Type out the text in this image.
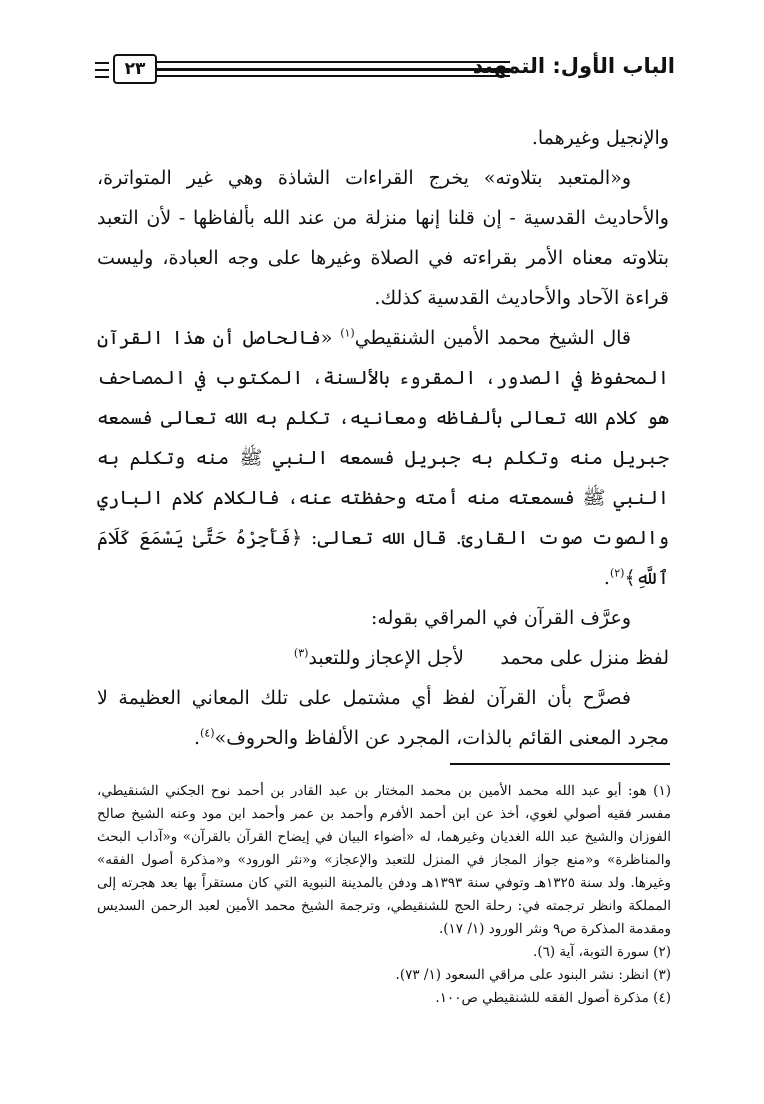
٢٣	الباب الأول: التمهيد

والإنجيل وغيرهما.

و«المتعبد بتلاوته» يخرج القراءات الشاذة وهي غير المتواترة، والأحاديث القدسية - إن قلنا إنها منزلة من عند الله بألفاظها - لأن التعبد بتلاوته معناه الأمر بقراءته في الصلاة وغيرها على وجه العبادة، وليست قراءة الآحاد والأحاديث القدسية كذلك.

قال الشيخ محمد الأمين الشنقيطي$^{(١)}$ «فالحاصل أن هذا القرآن المحفوظ في الصدور، المقروء بالألسنة، المكتوب في المصاحف هو كلام الله تعالى بألفاظه ومعانيه، تكلم به الله تعالى فسمعه جبريل منه وتكلم به جبريل فسمعه النبي ﷺ منه وتكلم به النبي ﷺ فسمعته منه أمته وحفظته عنه، فالكلام كلام الباري والصوت صوت القارئ. قال الله تعالى: ﴿فَأَجِرْهُ حَتَّىٰ يَسْمَعَ كَلَامَ ٱللَّهِ﴾$^{(٢)}$.

وعرَّف القرآن في المراقي بقوله:

لفظ منزل على محمد
لأجل الإعجاز وللتعبد$^{(٣)}$

فصرَّح بأن القرآن لفظ أي مشتمل على تلك المعاني العظيمة لا مجرد المعنى القائم بالذات، المجرد عن الألفاظ والحروف»$^{(٤)}$.

(١) هو: أبو عبد الله محمد الأمين بن محمد المختار بن عبد القادر بن أحمد نوح الجكني الشنقيطي، مفسر فقيه أصولي لغوي، أخذ عن ابن أحمد الأفرم وأحمد بن عمر وأحمد ابن مود وعنه الشيخ صالح الفوزان والشيخ عبد الله الغديان وغيرهما، له «أضواء البيان في إيضاح القرآن بالقرآن» و«آداب البحث والمناظرة» و«منع جواز المجاز في المنزل للتعبد والإعجاز» و«نثر الورود» و«مذكرة أصول الفقه» وغيرها. ولد سنة ١٣٢٥هـ وتوفي سنة ١٣٩٣هـ ودفن بالمدينة النبوية التي كان مستقراً بها بعد هجرته إلى المملكة وانظر ترجمته في: رحلة الحج للشنقيطي، وترجمة الشيخ محمد الأمين لعبد الرحمن السديس ومقدمة المذكرة ص٩ ونثر الورود (١/ ١٧).

(٢) سورة التوبة، آية (٦).

(٣) انظر: نشر البنود على مراقي السعود (١/ ٧٣).

(٤) مذكرة أصول الفقه للشنقيطي ص١٠٠.
